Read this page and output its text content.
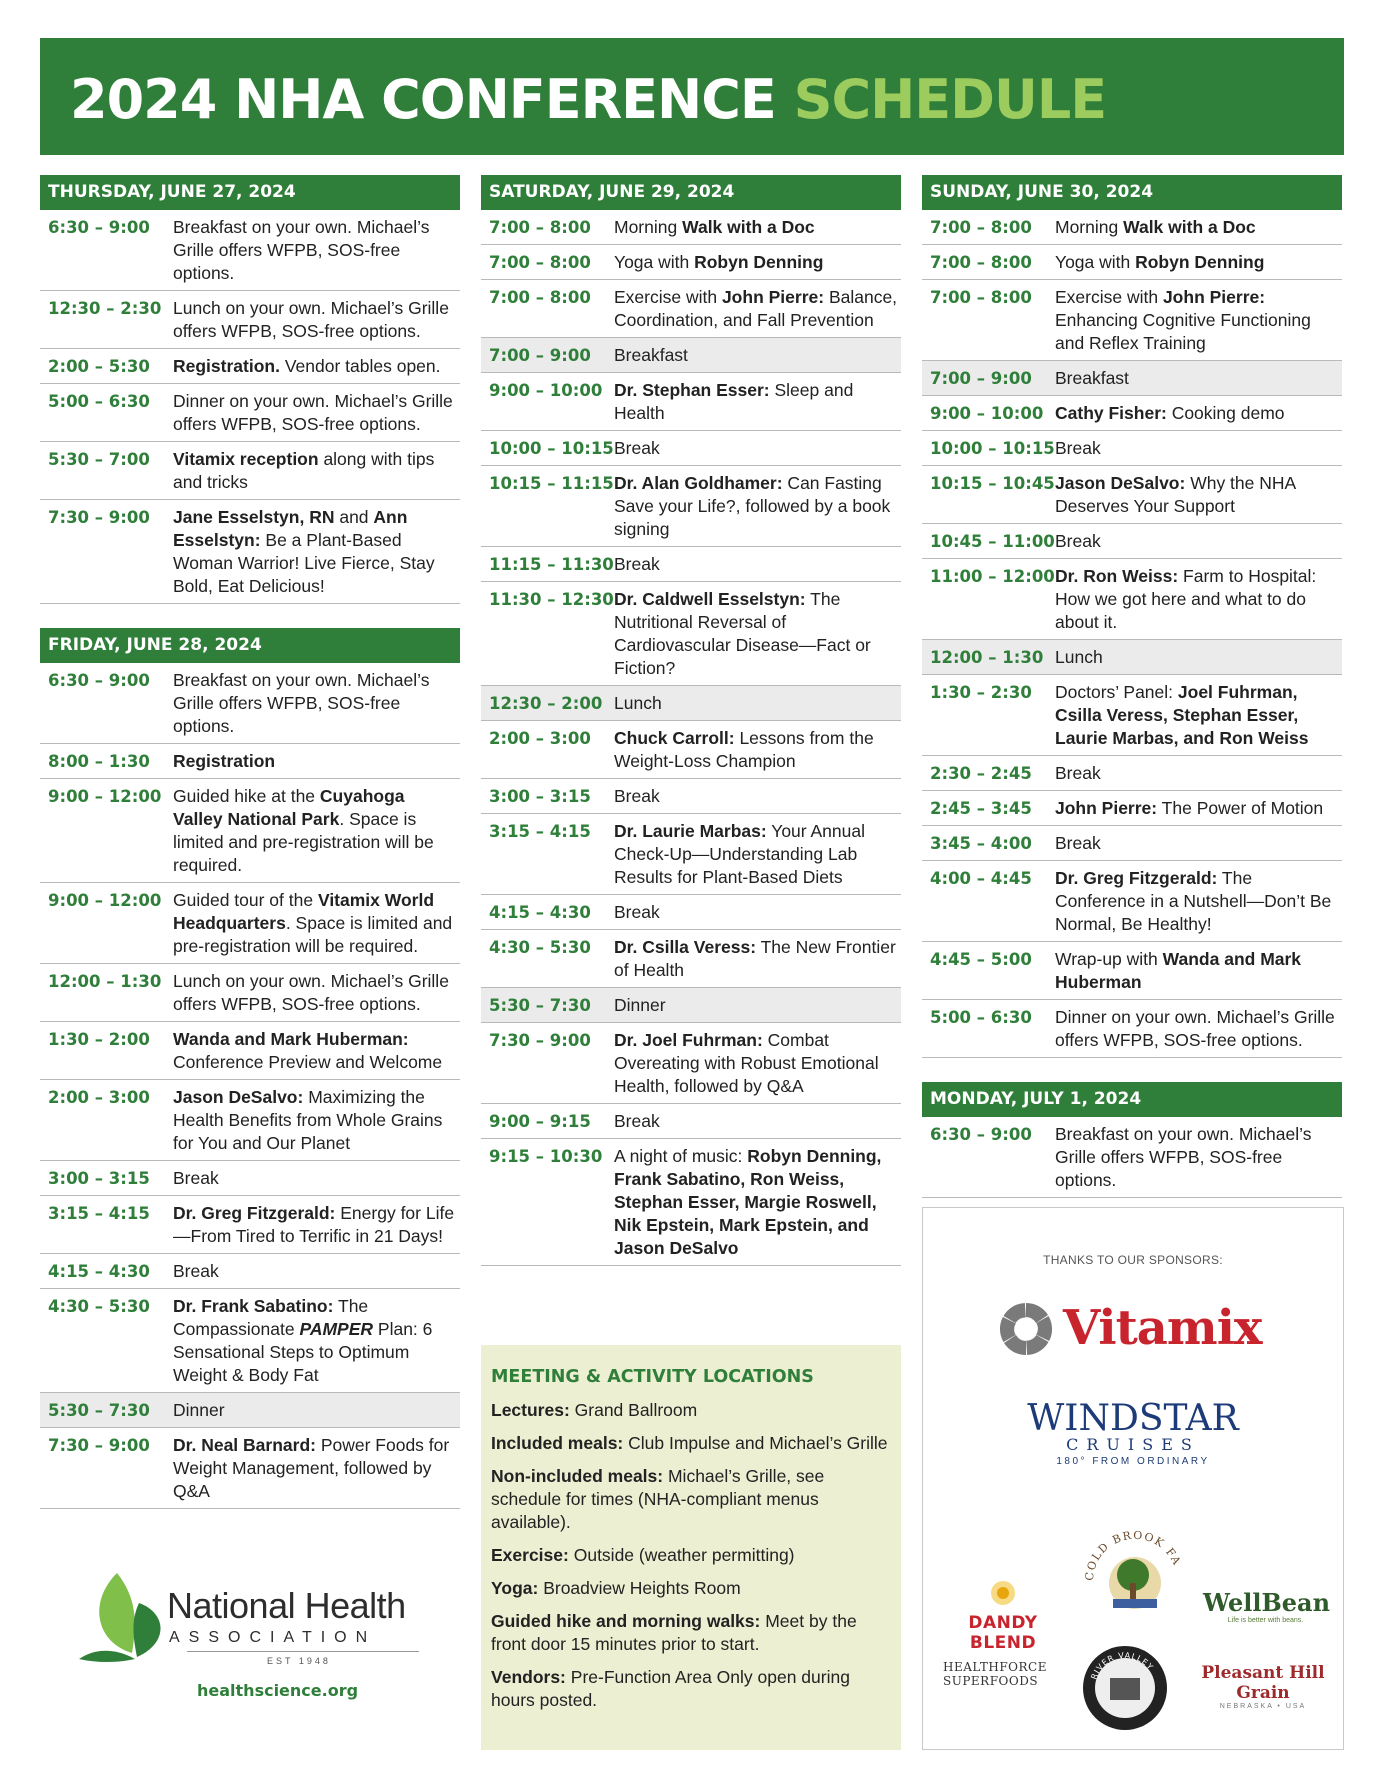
2024 NHA CONFERENCE SCHEDULE
THURSDAY, JUNE 27, 2024
6:30 – 9:00	Breakfast on your own. Michael’s Grille offers WFPB, SOS-free options.
12:30 – 2:30 Lunch on your own. Michael’s Grille offers WFPB, SOS-free options.
2:00 – 5:30	Registration. Vendor tables open.
5:00 – 6:30	Dinner on your own. Michael’s Grille offers WFPB, SOS-free options.
5:30 – 7:00	Vitamix reception along with tips and tricks
7:30 – 9:00	Jane Esselstyn, RN and Ann Esselstyn: Be a Plant-Based Woman Warrior! Live Fierce, Stay Bold, Eat Delicious!
FRIDAY, JUNE 28, 2024
6:30 – 9:00	Breakfast on your own. Michael’s Grille offers WFPB, SOS-free options.
8:00 – 1:30	Registration
9:00 – 12:00 Guided hike at the Cuyahoga Valley National Park. Space is limited and pre-registration will be required.
9:00 – 12:00 Guided tour of the Vitamix World Headquarters. Space is limited and pre-registration will be required.
12:00 – 1:30 Lunch on your own. Michael’s Grille offers WFPB, SOS-free options.
1:30 – 2:00	Wanda and Mark Huberman: Conference Preview and Welcome
2:00 – 3:00	Jason DeSalvo: Maximizing the Health Benefits from Whole Grains for You and Our Planet
3:00 – 3:15	Break
3:15 – 4:15	Dr. Greg Fitzgerald: Energy for Life—From Tired to Terrific in 21 Days!
4:15 – 4:30	Break
4:30 – 5:30	Dr. Frank Sabatino: The Compassionate PAMPER Plan: 6 Sensational Steps to Optimum Weight & Body Fat
5:30 – 7:30	Dinner
7:30 – 9:00	Dr. Neal Barnard: Power Foods for Weight Management, followed by Q&A
SATURDAY, JUNE 29, 2024
7:00 – 8:00	Morning Walk with a Doc
7:00 – 8:00	Yoga with Robyn Denning
7:00 – 8:00	Exercise with John Pierre: Balance, Coordination, and Fall Prevention
7:00 – 9:00	Breakfast
9:00 – 10:00 Dr. Stephan Esser: Sleep and Health
10:00 – 10:15 Break
10:15 – 11:15 Dr. Alan Goldhamer: Can Fasting Save your Life?, followed by a book signing
11:15 – 11:30 Break
11:30 – 12:30 Dr. Caldwell Esselstyn: The Nutritional Reversal of Cardiovascular Disease—Fact or Fiction?
12:30 – 2:00 Lunch
2:00 – 3:00	Chuck Carroll: Lessons from the Weight-Loss Champion
3:00 – 3:15	Break
3:15 – 4:15	Dr. Laurie Marbas: Your Annual Check-Up—Understanding Lab Results for Plant-Based Diets
4:15 – 4:30	Break
4:30 – 5:30	Dr. Csilla Veress: The New Frontier of Health
5:30 – 7:30	Dinner
7:30 – 9:00	Dr. Joel Fuhrman: Combat Overeating with Robust Emotional Health, followed by Q&A
9:00 – 9:15	Break
9:15 – 10:30 A night of music: Robyn Denning, Frank Sabatino, Ron Weiss, Stephan Esser, Margie Roswell, Nik Epstein, Mark Epstein, and Jason DeSalvo
SUNDAY, JUNE 30, 2024
7:00 – 8:00	Morning Walk with a Doc
7:00 – 8:00	Yoga with Robyn Denning
7:00 – 8:00	Exercise with John Pierre: Enhancing Cognitive Functioning and Reflex Training
7:00 – 9:00	Breakfast
9:00 – 10:00 Cathy Fisher: Cooking demo
10:00 – 10:15 Break
10:15 – 10:45 Jason DeSalvo: Why the NHA Deserves Your Support
10:45 – 11:00 Break
11:00 – 12:00 Dr. Ron Weiss: Farm to Hospital: How we got here and what to do about it.
12:00 – 1:30 Lunch
1:30 – 2:30	Doctors’ Panel: Joel Fuhrman, Csilla Veress, Stephan Esser, Laurie Marbas, and Ron Weiss
2:30 – 2:45	Break
2:45 – 3:45	John Pierre: The Power of Motion
3:45 – 4:00	Break
4:00 – 4:45	Dr. Greg Fitzgerald: The Conference in a Nutshell—Don’t Be Normal, Be Healthy!
4:45 – 5:00	Wrap-up with Wanda and Mark Huberman
5:00 – 6:30	Dinner on your own. Michael’s Grille offers WFPB, SOS-free options.
MONDAY, JULY 1, 2024
6:30 – 9:00	Breakfast on your own. Michael’s Grille offers WFPB, SOS-free options.
MEETING & ACTIVITY LOCATIONS

Lectures: Grand Ballroom

Included meals: Club Impulse and Michael’s Grille

Non-included meals: Michael’s Grille, see schedule for times (NHA-compliant menus available).

Exercise: Outside (weather permitting)

Yoga: Broadview Heights Room

Guided hike and morning walks: Meet by the front door 15 minutes prior to start.

Vendors: Pre-Function Area Only open during hours posted.

THANKS TO OUR SPONSORS:
Vitamix
WINDSTAR
CRUISES
180° FROM ORDINARY
DANDY BLEND
COLD BROOK FA
WellBean
Life is better with beans.
HEALTHFORCE
SUPERFOODS	RIVER VALLEY	Pleasant Hill Grain
NEBRASKA • USA
National Health
ASSOCIATION
EST 1948
healthscience.org
